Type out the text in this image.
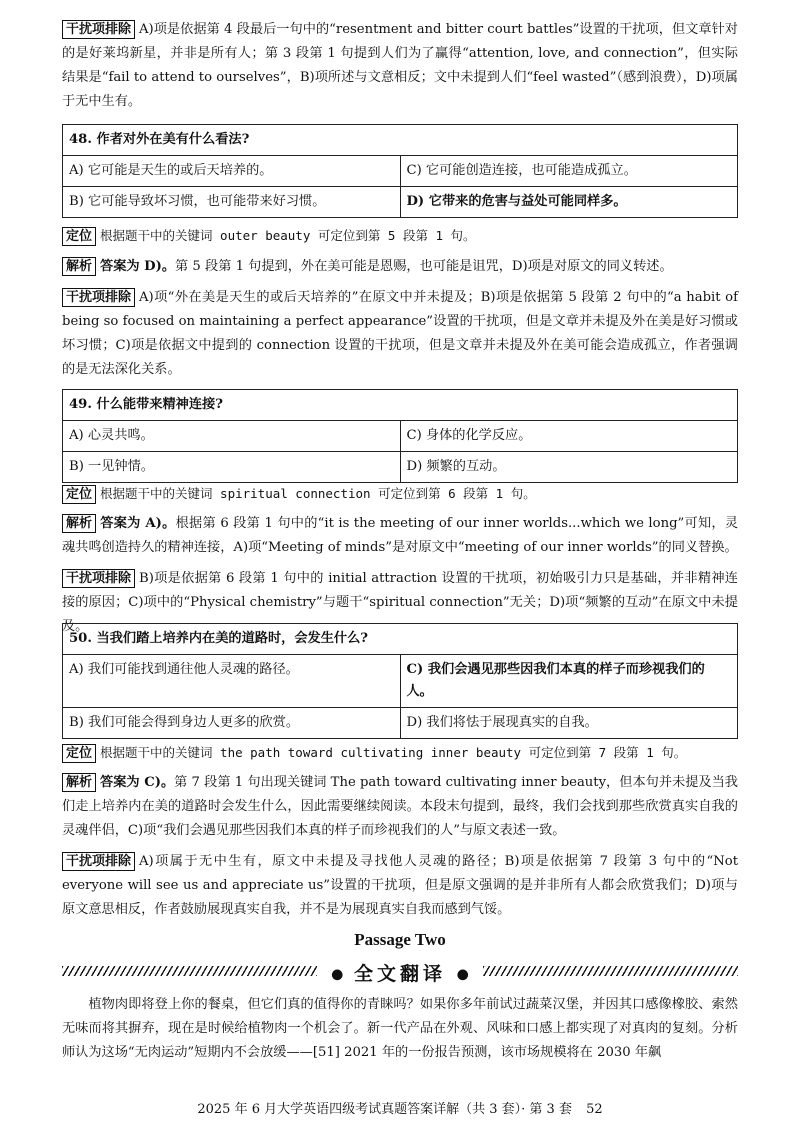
干扰项排除 A)项是依据第 4 段最后一句中的“resentment and bitter court battles”设置的干扰项，但文章针对的是好莱坞新星，并非是所有人；第 3 段第 1 句提到人们为了赢得“attention, love, and connection”，但实际结果是“fail to attend to ourselves”，B)项所述与文意相反；文中未提到人们“feel wasted”（感到浪费），D)项属于无中生有。

48. 作者对外在美有什么看法?	
A) 它可能是天生的或后天培养的。	C) 它可能创造连接，也可能造成孤立。
B) 它可能导致坏习惯，也可能带来好习惯。	D) 它带来的危害与益处可能同样多。

定位 根据题干中的关键词 outer beauty 可定位到第 5 段第 1 句。

解析 答案为 D)。第 5 段第 1 句提到，外在美可能是恩赐，也可能是诅咒，D)项是对原文的同义转述。

干扰项排除 A)项“外在美是天生的或后天培养的”在原文中并未提及；B)项是依据第 5 段第 2 句中的“a habit of being so focused on maintaining a perfect appearance”设置的干扰项，但是文章并未提及外在美是好习惯或坏习惯；C)项是依据文中提到的 connection 设置的干扰项，但是文章并未提及外在美可能会造成孤立，作者强调的是无法深化关系。

49. 什么能带来精神连接?	
A) 心灵共鸣。	C) 身体的化学反应。
B) 一见钟情。	D) 频繁的互动。

定位 根据题干中的关键词 spiritual connection 可定位到第 6 段第 1 句。

解析 答案为 A)。根据第 6 段第 1 句中的“it is the meeting of our inner worlds...which we long”可知，灵魂共鸣创造持久的精神连接，A)项“Meeting of minds”是对原文中“meeting of our inner worlds”的同义替换。

干扰项排除 B)项是依据第 6 段第 1 句中的 initial attraction 设置的干扰项，初始吸引力只是基础，并非精神连接的原因；C)项中的“Physical chemistry”与题干“spiritual connection”无关；D)项“频繁的互动”在原文中未提及。

50. 当我们踏上培养内在美的道路时，会发生什么?	
A) 我们可能找到通往他人灵魂的路径。	C) 我们会遇见那些因我们本真的样子而珍视我们的人。
B) 我们可能会得到身边人更多的欣赏。	D) 我们将怯于展现真实的自我。

定位 根据题干中的关键词 the path toward cultivating inner beauty 可定位到第 7 段第 1 句。

解析 答案为 C)。第 7 段第 1 句出现关键词 The path toward cultivating inner beauty，但本句并未提及当我们走上培养内在美的道路时会发生什么，因此需要继续阅读。本段末句提到，最终，我们会找到那些欣赏真实自我的灵魂伴侣，C)项“我们会遇见那些因我们本真的样子而珍视我们的人”与原文表述一致。

干扰项排除 A)项属于无中生有，原文中未提及寻找他人灵魂的路径；B)项是依据第 7 段第 3 句中的“Not everyone will see us and appreciate us”设置的干扰项，但是原文强调的是并非所有人都会欣赏我们；D)项与原文意思相反，作者鼓励展现真实自我，并不是为展现真实自我而感到气馁。

Passage Two
● 全文翻译 ●

植物肉即将登上你的餐桌，但它们真的值得你的青睐吗？如果你多年前试过蔬菜汉堡，并因其口感像橡胶、索然无味而将其摒弃，现在是时候给植物肉一个机会了。新一代产品在外观、风味和口感上都实现了对真肉的复刻。分析师认为这场“无肉运动”短期内不会放缓——[51] 2021 年的一份报告预测，该市场规模将在 2030 年飙

2025 年 6 月大学英语四级考试真题答案详解（共 3 套）· 第 3 套 52
